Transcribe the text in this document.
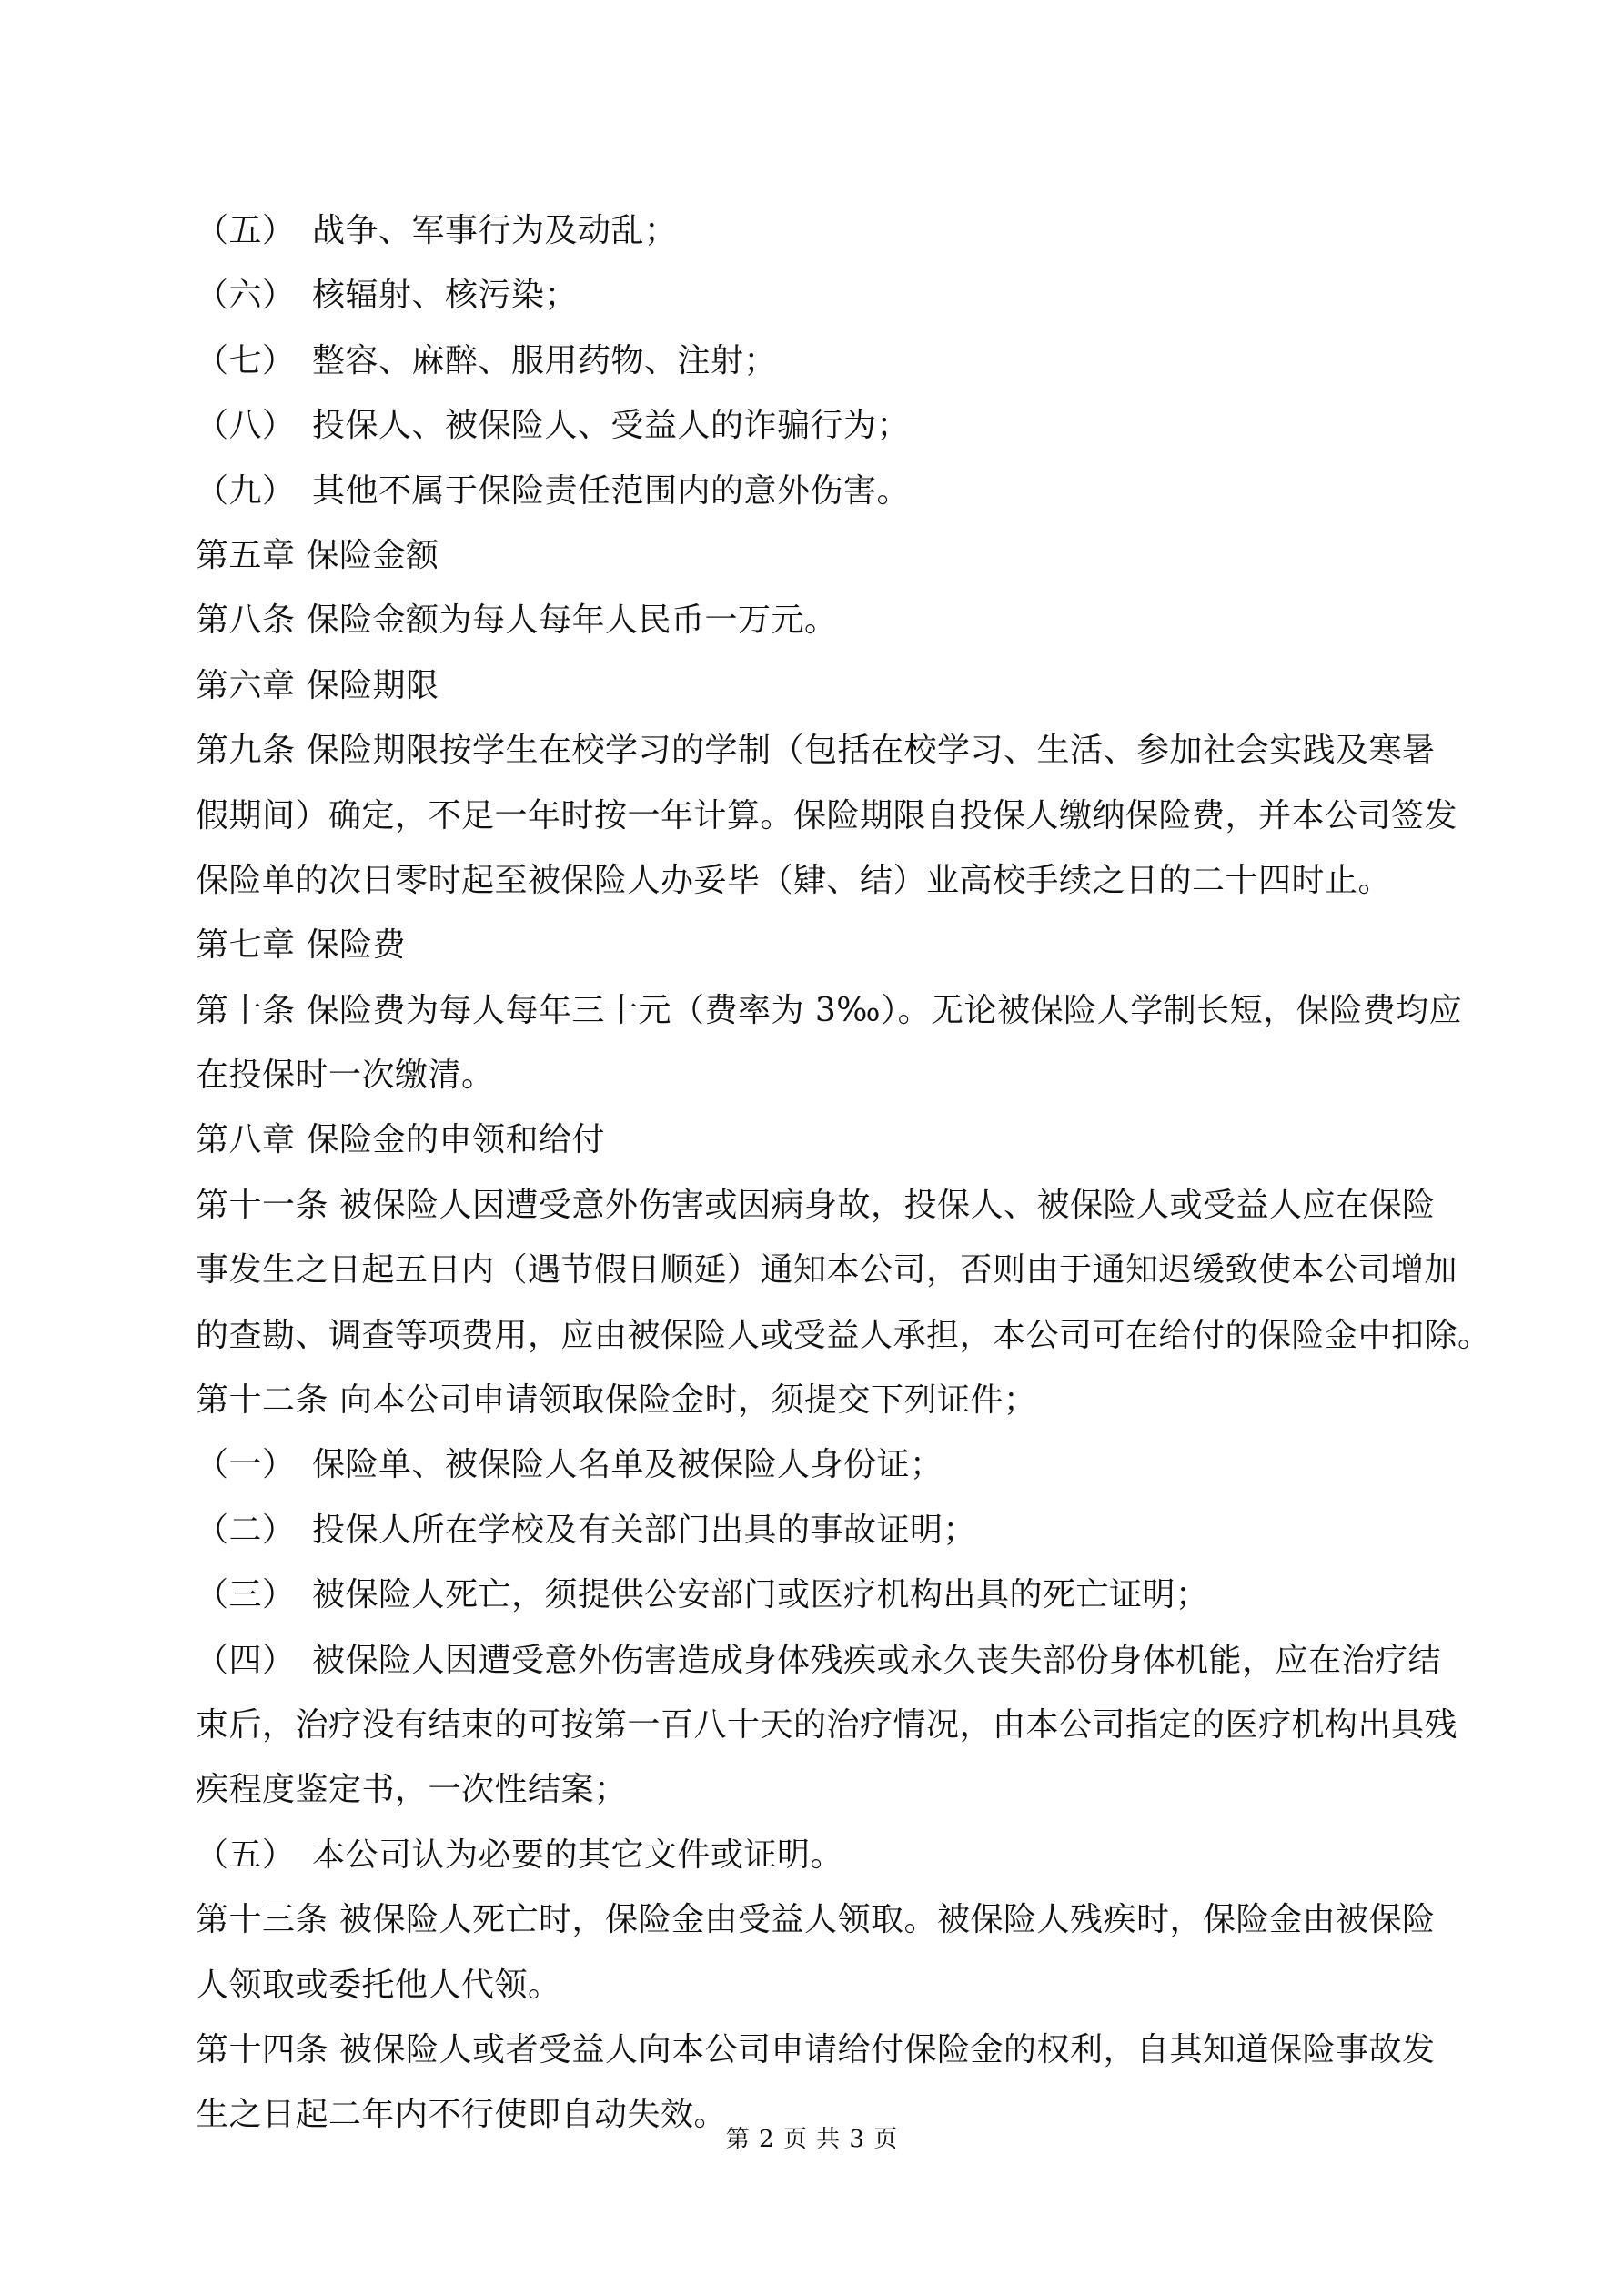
（五） 战争、军事行为及动乱；
（六） 核辐射、核污染；
（七） 整容、麻醉、服用药物、注射；
（八） 投保人、被保险人、受益人的诈骗行为；
（九） 其他不属于保险责任范围内的意外伤害。
第五章 保险金额
第八条 保险金额为每人每年人民币一万元。
第六章 保险期限
第九条 保险期限按学生在校学习的学制（包括在校学习、生活、参加社会实践及寒暑
假期间）确定，不足一年时按一年计算。保险期限自投保人缴纳保险费，并本公司签发
保险单的次日零时起至被保险人办妥毕（肄、结）业高校手续之日的二十四时止。
第七章 保险费
第十条 保险费为每人每年三十元（费率为 3‰）。无论被保险人学制长短，保险费均应
在投保时一次缴清。
第八章 保险金的申领和给付
第十一条 被保险人因遭受意外伤害或因病身故，投保人、被保险人或受益人应在保险
事发生之日起五日内（遇节假日顺延）通知本公司，否则由于通知迟缓致使本公司增加
的查勘、调查等项费用，应由被保险人或受益人承担，本公司可在给付的保险金中扣除。
第十二条 向本公司申请领取保险金时，须提交下列证件；
（一） 保险单、被保险人名单及被保险人身份证；
（二） 投保人所在学校及有关部门出具的事故证明；
（三） 被保险人死亡，须提供公安部门或医疗机构出具的死亡证明；
（四） 被保险人因遭受意外伤害造成身体残疾或永久丧失部份身体机能，应在治疗结
束后，治疗没有结束的可按第一百八十天的治疗情况，由本公司指定的医疗机构出具残
疾程度鉴定书，一次性结案；
（五） 本公司认为必要的其它文件或证明。
第十三条 被保险人死亡时，保险金由受益人领取。被保险人残疾时，保险金由被保险
人领取或委托他人代领。
第十四条 被保险人或者受益人向本公司申请给付保险金的权利，自其知道保险事故发
生之日起二年内不行使即自动失效。
第 2 页 共 3 页
